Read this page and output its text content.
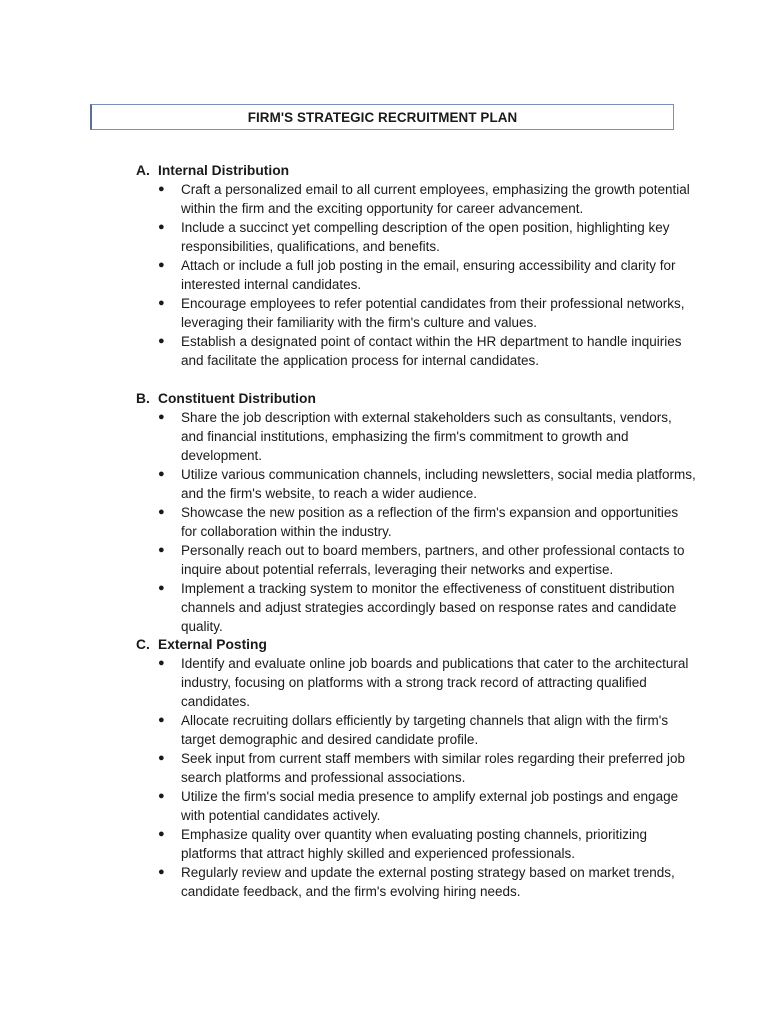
FIRM'S STRATEGIC RECRUITMENT PLAN
A. Internal Distribution
● Craft a personalized email to all current employees, emphasizing the growth potential within the firm and the exciting opportunity for career advancement.
● Include a succinct yet compelling description of the open position, highlighting key responsibilities, qualifications, and benefits.
● Attach or include a full job posting in the email, ensuring accessibility and clarity for interested internal candidates.
● Encourage employees to refer potential candidates from their professional networks, leveraging their familiarity with the firm's culture and values.
● Establish a designated point of contact within the HR department to handle inquiries and facilitate the application process for internal candidates.
B. Constituent Distribution
● Share the job description with external stakeholders such as consultants, vendors, and financial institutions, emphasizing the firm's commitment to growth and development.
● Utilize various communication channels, including newsletters, social media platforms, and the firm's website, to reach a wider audience.
● Showcase the new position as a reflection of the firm's expansion and opportunities for collaboration within the industry.
● Personally reach out to board members, partners, and other professional contacts to inquire about potential referrals, leveraging their networks and expertise.
● Implement a tracking system to monitor the effectiveness of constituent distribution channels and adjust strategies accordingly based on response rates and candidate quality.
C. External Posting
● Identify and evaluate online job boards and publications that cater to the architectural industry, focusing on platforms with a strong track record of attracting qualified candidates.
● Allocate recruiting dollars efficiently by targeting channels that align with the firm's target demographic and desired candidate profile.
● Seek input from current staff members with similar roles regarding their preferred job search platforms and professional associations.
● Utilize the firm's social media presence to amplify external job postings and engage with potential candidates actively.
● Emphasize quality over quantity when evaluating posting channels, prioritizing platforms that attract highly skilled and experienced professionals.
● Regularly review and update the external posting strategy based on market trends, candidate feedback, and the firm's evolving hiring needs.
